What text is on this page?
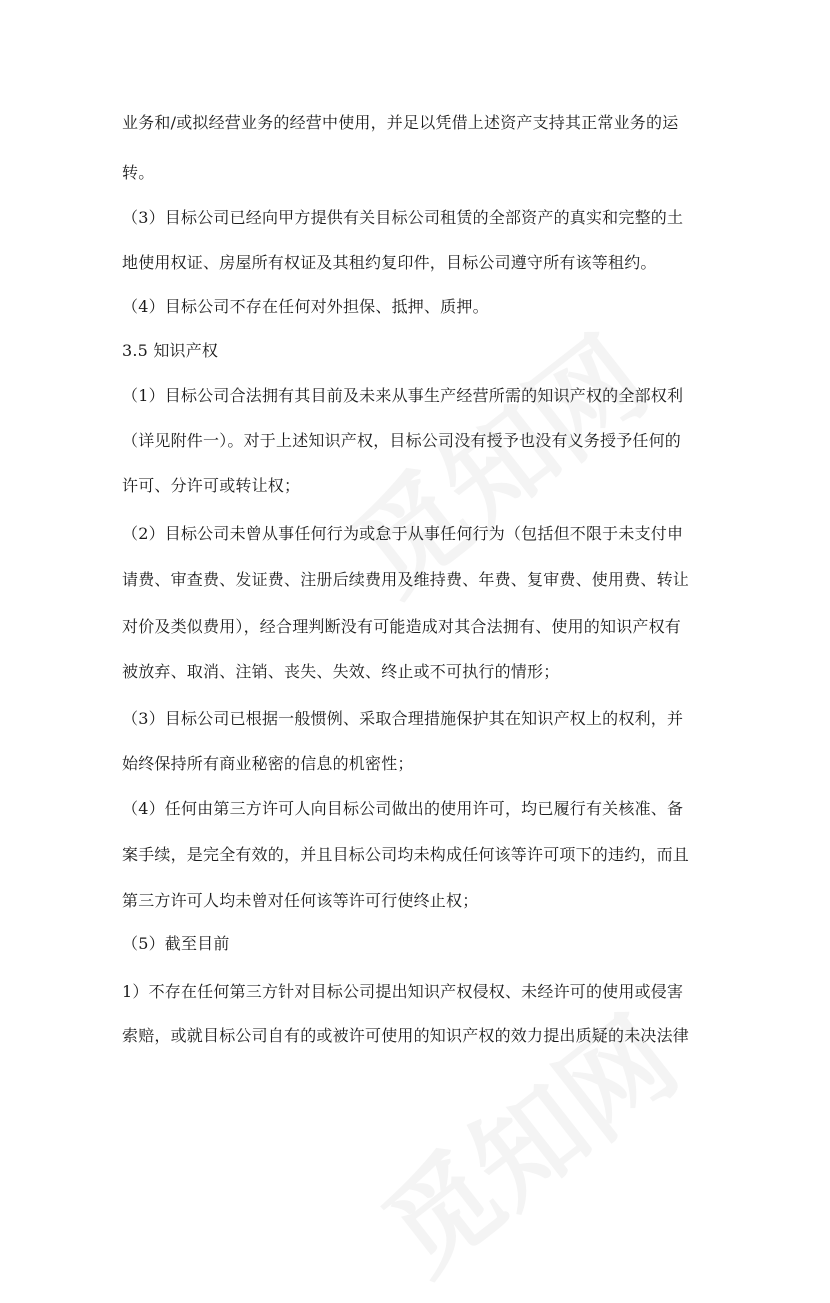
业务和/或拟经营业务的经营中使用，并足以凭借上述资产支持其正常业务的运
转。
（3）目标公司已经向甲方提供有关目标公司租赁的全部资产的真实和完整的土
地使用权证、房屋所有权证及其租约复印件，目标公司遵守所有该等租约。
（4）目标公司不存在任何对外担保、抵押、质押。
3.5 知识产权
（1）目标公司合法拥有其目前及未来从事生产经营所需的知识产权的全部权利
（详见附件一）。对于上述知识产权，目标公司没有授予也没有义务授予任何的
许可、分许可或转让权；
（2）目标公司未曾从事任何行为或怠于从事任何行为（包括但不限于未支付申
请费、审查费、发证费、注册后续费用及维持费、年费、复审费、使用费、转让
对价及类似费用），经合理判断没有可能造成对其合法拥有、使用的知识产权有
被放弃、取消、注销、丧失、失效、终止或不可执行的情形；
（3）目标公司已根据一般惯例、采取合理措施保护其在知识产权上的权利，并
始终保持所有商业秘密的信息的机密性；
（4）任何由第三方许可人向目标公司做出的使用许可，均已履行有关核准、备
案手续，是完全有效的，并且目标公司均未构成任何该等许可项下的违约，而且
第三方许可人均未曾对任何该等许可行使终止权；
（5）截至目前
1）不存在任何第三方针对目标公司提出知识产权侵权、未经许可的使用或侵害
索赔，或就目标公司自有的或被许可使用的知识产权的效力提出质疑的未决法律
